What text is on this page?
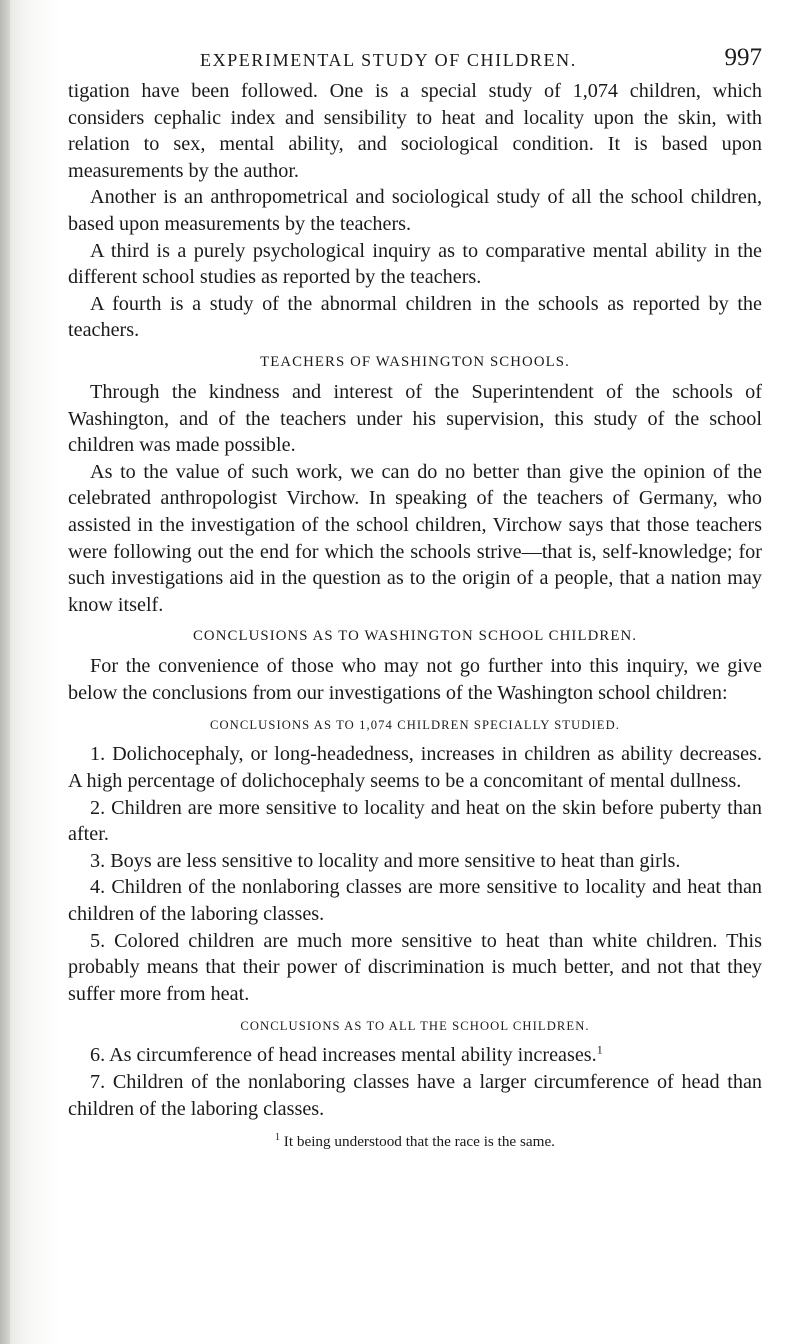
EXPERIMENTAL STUDY OF CHILDREN.	997

tigation have been followed. One is a special study of 1,074 children, which considers cephalic index and sensibility to heat and locality upon the skin, with relation to sex, mental ability, and sociological condition. It is based upon measurements by the author.

Another is an anthropometrical and sociological study of all the school children, based upon measurements by the teachers.

A third is a purely psychological inquiry as to comparative mental ability in the different school studies as reported by the teachers.

A fourth is a study of the abnormal children in the schools as reported by the teachers.

TEACHERS OF WASHINGTON SCHOOLS.

Through the kindness and interest of the Superintendent of the schools of Washington, and of the teachers under his supervision, this study of the school children was made possible.

As to the value of such work, we can do no better than give the opinion of the celebrated anthropologist Virchow. In speaking of the teachers of Germany, who assisted in the investigation of the school children, Virchow says that those teachers were following out the end for which the schools strive—that is, self-knowledge; for such investigations aid in the question as to the origin of a people, that a nation may know itself.

CONCLUSIONS AS TO WASHINGTON SCHOOL CHILDREN.

For the convenience of those who may not go further into this inquiry, we give below the conclusions from our investigations of the Washington school children:

CONCLUSIONS AS TO 1,074 CHILDREN SPECIALLY STUDIED.

1. Dolichocephaly, or long-headedness, increases in children as ability decreases. A high percentage of dolichocephaly seems to be a concomitant of mental dullness.

2. Children are more sensitive to locality and heat on the skin before puberty than after.

3. Boys are less sensitive to locality and more sensitive to heat than girls.

4. Children of the nonlaboring classes are more sensitive to locality and heat than children of the laboring classes.

5. Colored children are much more sensitive to heat than white children. This probably means that their power of discrimination is much better, and not that they suffer more from heat.

CONCLUSIONS AS TO ALL THE SCHOOL CHILDREN.

6. As circumference of head increases mental ability increases.$^1$

7. Children of the nonlaboring classes have a larger circumference of head than children of the laboring classes.

$^1$ It being understood that the race is the same.
